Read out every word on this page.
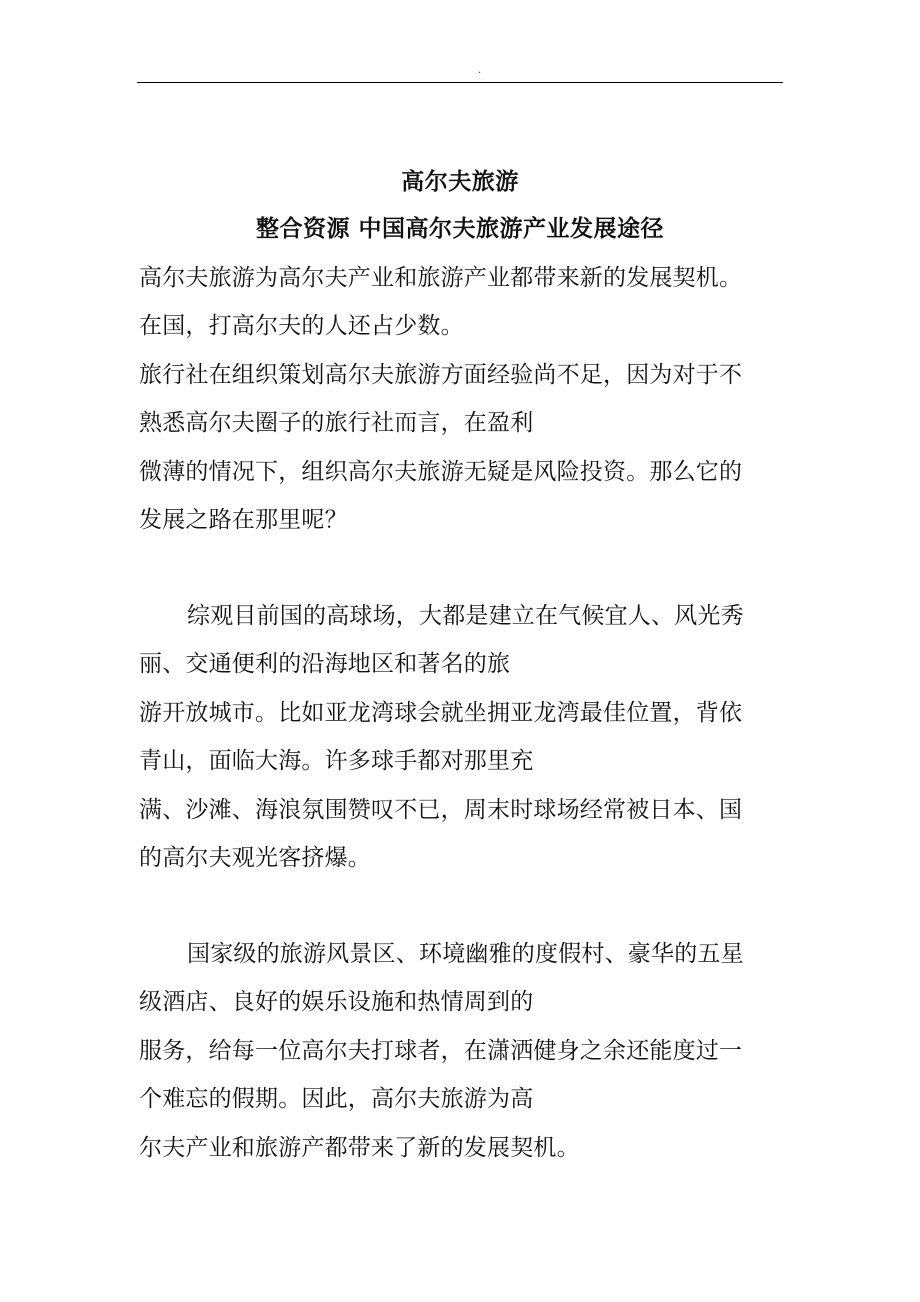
.
高尔夫旅游
整合资源 中国高尔夫旅游产业发展途径
高尔夫旅游为高尔夫产业和旅游产业都带来新的发展契机。
在国，打高尔夫的人还占少数。
旅行社在组织策划高尔夫旅游方面经验尚不足，因为对于不
熟悉高尔夫圈子的旅行社而言，在盈利
微薄的情况下，组织高尔夫旅游无疑是风险投资。那么它的
发展之路在那里呢？
综观目前国的高球场，大都是建立在气候宜人、风光秀
丽、交通便利的沿海地区和著名的旅
游开放城市。比如亚龙湾球会就坐拥亚龙湾最佳位置，背依
青山，面临大海。许多球手都对那里充
满、沙滩、海浪氛围赞叹不已，周末时球场经常被日本、国
的高尔夫观光客挤爆。
国家级的旅游风景区、环境幽雅的度假村、豪华的五星
级酒店、良好的娱乐设施和热情周到的
服务，给每一位高尔夫打球者，在潇洒健身之余还能度过一
个难忘的假期。因此，高尔夫旅游为高
尔夫产业和旅游产都带来了新的发展契机。
